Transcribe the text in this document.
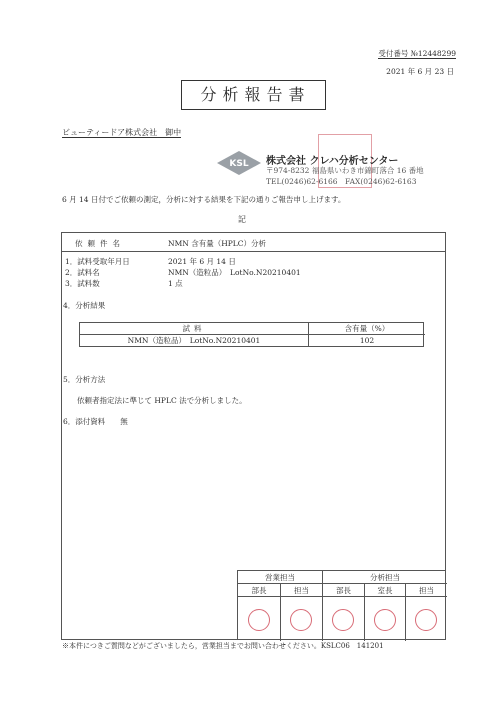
受付番号 №12448299
2021 年 6 月 23 日
分析報告書
ビューティードア株式会社　御中
KSL 株式会社 クレハ分析センター
〒974-8232 福島県いわき市錦町落合 16 番地
TEL(0246)62-6166　FAX(0246)62-6163
6 月 14 日付でご依頼の測定，分析に対する結果を下記の通りご報告申し上げます。
記
依頼件名	NMN 含有量（HPLC）分析
1．試料受取年月日	2021 年 6 月 14 日
2．試料名	NMN（造粒品）　LotNo.N20210401
3．試料数	1 点
4．分析結果
試料	含有量（%）
NMN（造粒品）　LotNo.N20210401	102
5．分析方法
依頼者指定法に準じて HPLC 法で分析しました。
6．添付資料　　無
営業担当	分析担当
部長	担当	部長	室長	担当
※本件につきご質問などがございましたら，営業担当までお問い合わせください。KSLC06　141201
